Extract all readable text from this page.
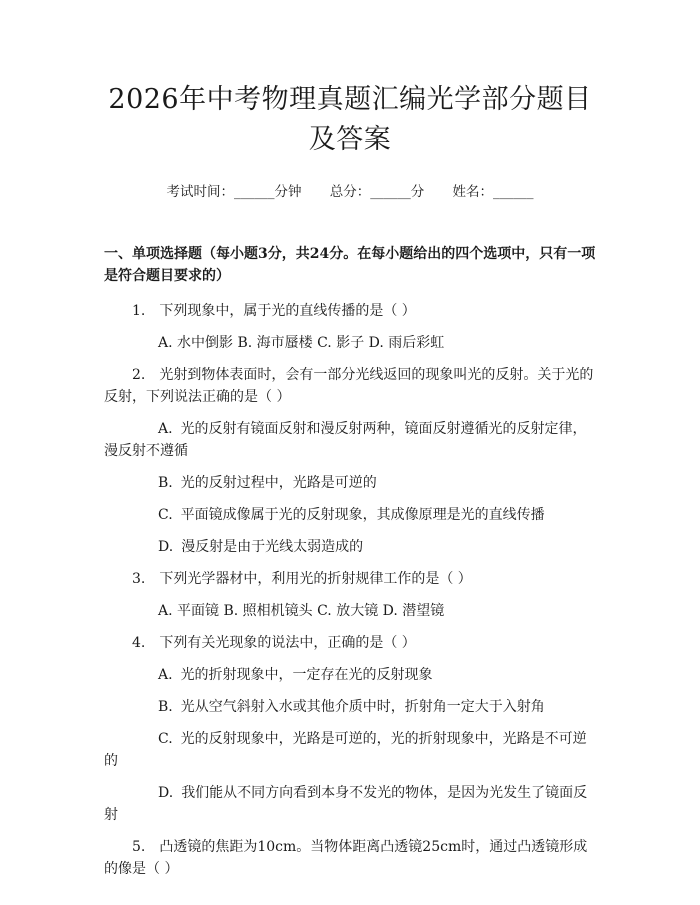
2026年中考物理真题汇编光学部分题目及答案
考试时间：______分钟 总分：______分 姓名：______
一、单项选择题（每小题3分，共24分。在每小题给出的四个选项中，只有一项是符合题目要求的）
1. 下列现象中，属于光的直线传播的是（ ）
A. 水中倒影 B. 海市蜃楼 C. 影子 D. 雨后彩虹
2. 光射到物体表面时，会有一部分光线返回的现象叫光的反射。关于光的反射，下列说法正确的是（ ）
A. 光的反射有镜面反射和漫反射两种，镜面反射遵循光的反射定律，漫反射不遵循
B. 光的反射过程中，光路是可逆的
C. 平面镜成像属于光的反射现象，其成像原理是光的直线传播
D. 漫反射是由于光线太弱造成的
3. 下列光学器材中，利用光的折射规律工作的是（ ）
A. 平面镜 B. 照相机镜头 C. 放大镜 D. 潜望镜
4. 下列有关光现象的说法中，正确的是（ ）
A. 光的折射现象中，一定存在光的反射现象
B. 光从空气斜射入水或其他介质中时，折射角一定大于入射角
C. 光的反射现象中，光路是可逆的，光的折射现象中，光路是不可逆的
D. 我们能从不同方向看到本身不发光的物体，是因为光发生了镜面反射
5. 凸透镜的焦距为10cm。当物体距离凸透镜25cm时，通过凸透镜形成的像是（ ）
